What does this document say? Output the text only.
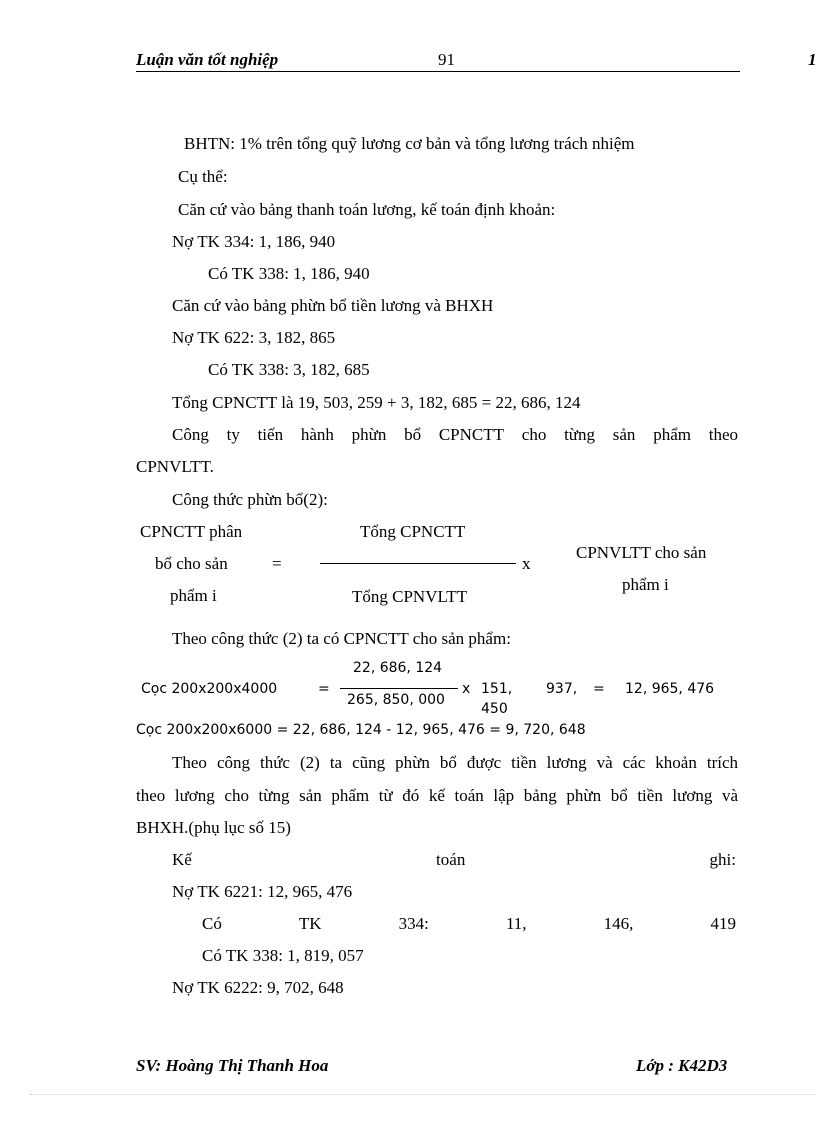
Luận văn tốt nghiệp	91	1
BHTN: 1% trên tổng quỹ lương cơ bản và tổng lương trách nhiệm
Cụ thể:
Căn cứ vào bảng thanh toán lương, kế toán định khoản:
Nợ TK 334: 1, 186, 940
Có TK 338: 1, 186, 940
Căn cứ vào bảng phừn bổ tiền lương và BHXH
Nợ TK 622: 3, 182, 865
Có TK 338: 3, 182, 685
Tổng CPNCTT là 19, 503, 259 + 3, 182, 685 = 22, 686, 124
Công ty tiến hành phừn bổ CPNCTT cho từng sản phẩm theo
CPNVLTT.
Công thức phừn bổ(2):
CPNCTT phân
bổ cho sản
phẩm i
=
Tổng CPNCTT
x
Tổng CPNVLTT
CPNVLTT cho sản
phẩm i
Theo công thức (2) ta có CPNCTT cho sản phẩm:
Cọc 200x200x4000	=
22, 686, 124
265, 850, 000
x 151,
450
937, = 12, 965, 476
Cọc 200x200x6000 = 22, 686, 124 - 12, 965, 476 = 9, 720, 648
Theo công thức (2) ta cũng phừn bổ được tiền lương và các khoản trích
theo lương cho từng sản phẩm từ đó kế toán lập bảng phừn bổ tiền lương và
BHXH.(phụ lục số 15)
Kế	toán	ghi:
Nợ TK 6221: 12, 965, 476
Có	TK	334:	11,	146,	419
Có TK 338: 1, 819, 057
Nợ TK 6222: 9, 702, 648
SV: Hoàng Thị Thanh Hoa	Lớp : K42D3
